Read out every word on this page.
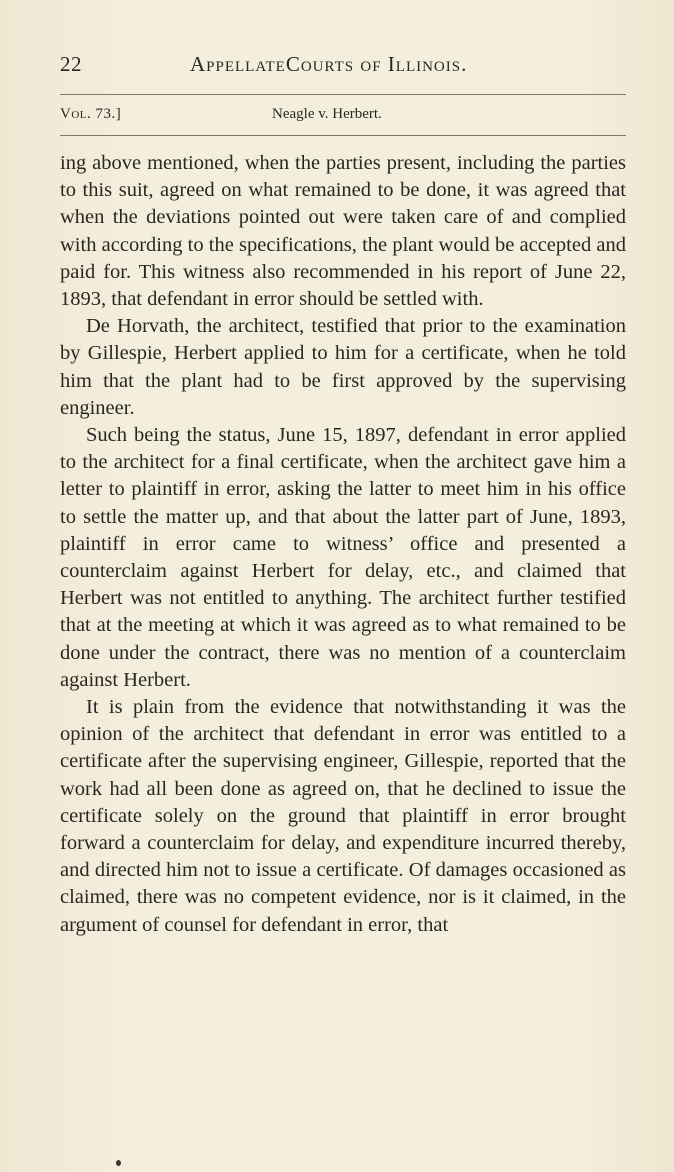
22	AppellateCourts of Illinois.
Vol. 73.]	Neagle v. Herbert.

ing above mentioned, when the parties present, including the parties to this suit, agreed on what remained to be done, it was agreed that when the deviations pointed out were taken care of and complied with according to the specifications, the plant would be accepted and paid for. This witness also recommended in his report of June 22, 1893, that defendant in error should be settled with.

De Horvath, the architect, testified that prior to the examination by Gillespie, Herbert applied to him for a certificate, when he told him that the plant had to be first approved by the supervising engineer.

Such being the status, June 15, 1897, defendant in error applied to the architect for a final certificate, when the architect gave him a letter to plaintiff in error, asking the latter to meet him in his office to settle the matter up, and that about the latter part of June, 1893, plaintiff in error came to witness’ office and presented a counterclaim against Herbert for delay, etc., and claimed that Herbert was not entitled to anything. The architect further testified that at the meeting at which it was agreed as to what remained to be done under the contract, there was no mention of a counterclaim against Herbert.

It is plain from the evidence that notwithstanding it was the opinion of the architect that defendant in error was entitled to a certificate after the supervising engineer, Gillespie, reported that the work had all been done as agreed on, that he declined to issue the certificate solely on the ground that plaintiff in error brought forward a counterclaim for delay, and expenditure incurred thereby, and directed him not to issue a certificate. Of damages occasioned as claimed, there was no competent evidence, nor is it claimed, in the argument of counsel for defendant in error, that
